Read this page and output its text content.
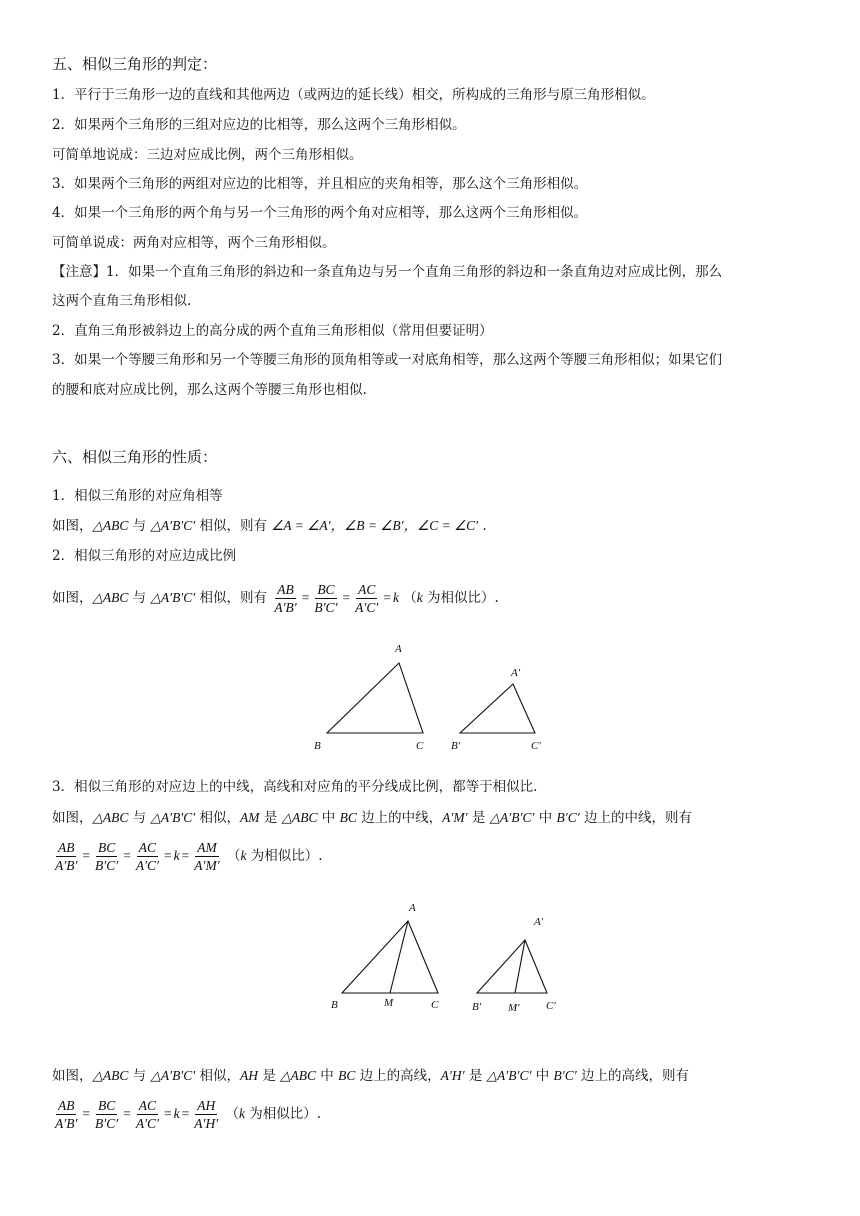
五、相似三角形的判定：
1．平行于三角形一边的直线和其他两边（或两边的延长线）相交，所构成的三角形与原三角形相似。
2．如果两个三角形的三组对应边的比相等，那么这两个三角形相似。
可简单地说成：三边对应成比例，两个三角形相似。
3．如果两个三角形的两组对应边的比相等，并且相应的夹角相等，那么这个三角形相似。
4．如果一个三角形的两个角与另一个三角形的两个角对应相等，那么这两个三角形相似。
可简单说成：两角对应相等，两个三角形相似。
【注意】1．如果一个直角三角形的斜边和一条直角边与另一个直角三角形的斜边和一条直角边对应成比例，那么
这两个直角三角形相似.
2．直角三角形被斜边上的高分成的两个直角三角形相似（常用但要证明）
3．如果一个等腰三角形和另一个等腰三角形的顶角相等或一对底角相等，那么这两个等腰三角形相似；如果它们
的腰和底对应成比例，那么这两个等腰三角形也相似.
六、相似三角形的性质：
1．相似三角形的对应角相等
如图，△ABC 与 △A′B′C′ 相似，则有 ∠A = ∠A′，∠B = ∠B′，∠C = ∠C′ .
2．相似三角形的对应边成比例
如图，△ABC 与 △A′B′C′ 相似，则有 $\frac{AB}{A'B'} = \frac{BC}{B'C'} = \frac{AC}{A'C'} = k$ （k 为相似比）.
A
B	C
A′
B′	C′
3．相似三角形的对应边上的中线，高线和对应角的平分线成比例，都等于相似比.
如图，△ABC 与 △A′B′C′ 相似，AM 是 △ABC 中 BC 边上的中线，A′M′ 是 △A′B′C′ 中 B′C′ 边上的中线，则有
$\frac{AB}{A'B'} = \frac{BC}{B'C'} = \frac{AC}{A'C'} = k = \frac{AM}{A'M'} (k$ 为相似比）.
A
B	M	C
A′
B′ M′ C′
如图，△ABC 与 △A′B′C′ 相似，AH 是 △ABC 中 BC 边上的高线，A′H′ 是 △A′B′C′ 中 B′C′ 边上的高线，则有
$\frac{AB}{A'B'} = \frac{BC}{B'C'} = \frac{AC}{A'C'} = k = \frac{AH}{A'H'} (k$ 为相似比）.
